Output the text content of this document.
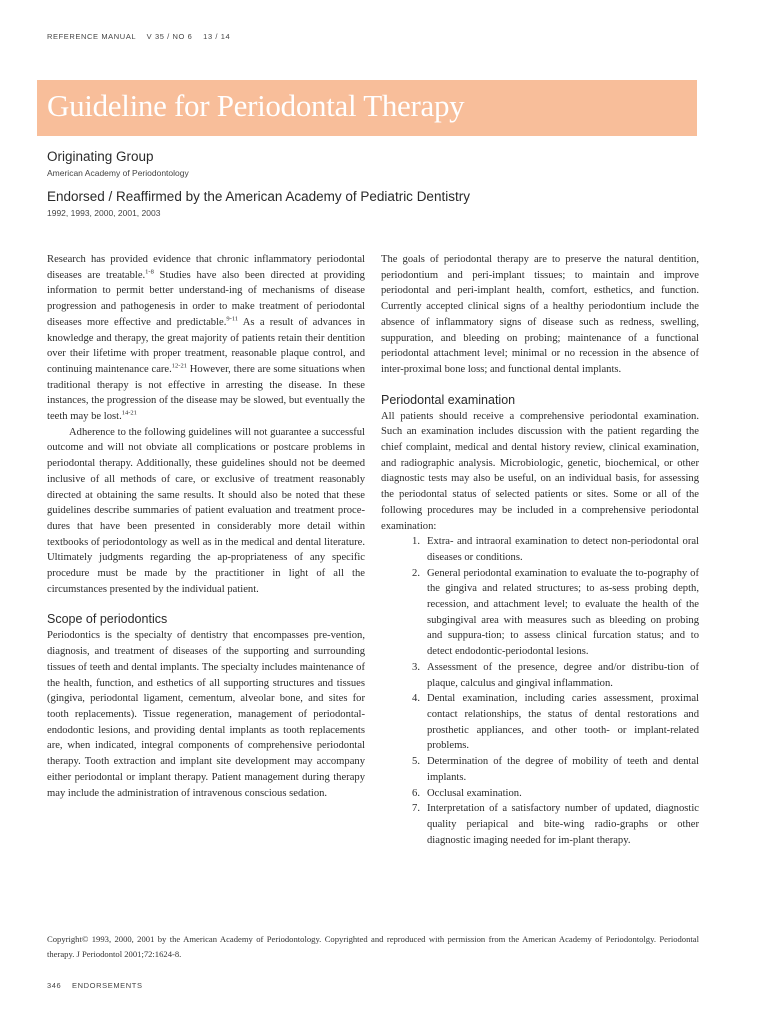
REFERENCE MANUAL    V 35 / NO 6    13 / 14
Guideline for Periodontal Therapy

Originating Group

American Academy of Periodontology

Endorsed / Reaffirmed by the American Academy of Pediatric Dentistry

1992, 1993, 2000, 2001, 2003

Research has provided evidence that chronic inflammatory periodontal diseases are treatable.$^{1-8}$ Studies have also been directed at providing information to permit better understand-ing of mechanisms of disease progression and pathogenesis in order to make treatment of periodontal diseases more effective and predictable.$^{9-11}$ As a result of advances in knowledge and therapy, the great majority of patients retain their dentition over their lifetime with proper treatment, reasonable plaque control, and continuing maintenance care.$^{12-21}$ However, there are some situations when traditional therapy is not effective in arresting the disease. In these instances, the progression of the disease may be slowed, but eventually the teeth may be lost.$^{14-21}$

Adherence to the following guidelines will not guarantee a successful outcome and will not obviate all complications or postcare problems in periodontal therapy. Additionally, these guidelines should not be deemed inclusive of all methods of care, or exclusive of treatment reasonably directed at obtaining the same results. It should also be noted that these guidelines describe summaries of patient evaluation and treatment proce-dures that have been presented in considerably more detail within textbooks of periodontology as well as in the medical and dental literature. Ultimately judgments regarding the ap-propriateness of any specific procedure must be made by the practitioner in light of all the circumstances presented by the individual patient.

Scope of periodontics

Periodontics is the specialty of dentistry that encompasses pre-vention, diagnosis, and treatment of diseases of the supporting and surrounding tissues of teeth and dental implants. The specialty includes maintenance of the health, function, and esthetics of all supporting structures and tissues (gingiva, periodontal ligament, cementum, alveolar bone, and sites for tooth replacements). Tissue regeneration, management of periodontal-endodontic lesions, and providing dental implants as tooth replacements are, when indicated, integral components of comprehensive periodontal therapy. Tooth extraction and implant site development may accompany either periodontal or implant therapy. Patient management during therapy may include the administration of intravenous conscious sedation.

The goals of periodontal therapy are to preserve the natural dentition, periodontium and peri-implant tissues; to maintain and improve periodontal and peri-implant health, comfort, esthetics, and function. Currently accepted clinical signs of a healthy periodontium include the absence of inflammatory signs of disease such as redness, swelling, suppuration, and bleeding on probing; maintenance of a functional periodontal attachment level; minimal or no recession in the absence of inter-proximal bone loss; and functional dental implants.

Periodontal examination

All patients should receive a comprehensive periodontal examination. Such an examination includes discussion with the patient regarding the chief complaint, medical and dental history review, clinical examination, and radiographic analysis. Microbiologic, genetic, biochemical, or other diagnostic tests may also be useful, on an individual basis, for assessing the periodontal status of selected patients or sites. Some or all of the following procedures may be included in a comprehensive periodontal examination:

1. Extra- and intraoral examination to detect non-periodontal oral diseases or conditions.
2. General periodontal examination to evaluate the to-pography of the gingiva and related structures; to as-sess probing depth, recession, and attachment level; to evaluate the health of the subgingival area with measures such as bleeding on probing and suppura-tion; to assess clinical furcation status; and to detect endodontic-periodontal lesions.
3. Assessment of the presence, degree and/or distribu-tion of plaque, calculus and gingival inflammation.
4. Dental examination, including caries assessment, proximal contact relationships, the status of dental restorations and prosthetic appliances, and other tooth- or implant-related problems.
5. Determination of the degree of mobility of teeth and dental implants.
6. Occlusal examination.
7. Interpretation of a satisfactory number of updated, diagnostic quality periapical and bite-wing radio-graphs or other diagnostic imaging needed for im-plant therapy.
Copyright© 1993, 2000, 2001 by the American Academy of Periodontology. Copyrighted and reproduced with permission from the American Academy of Periodontolgy. Periodontal therapy. J Periodontol 2001;72:1624-8.
346    ENDORSEMENTS
